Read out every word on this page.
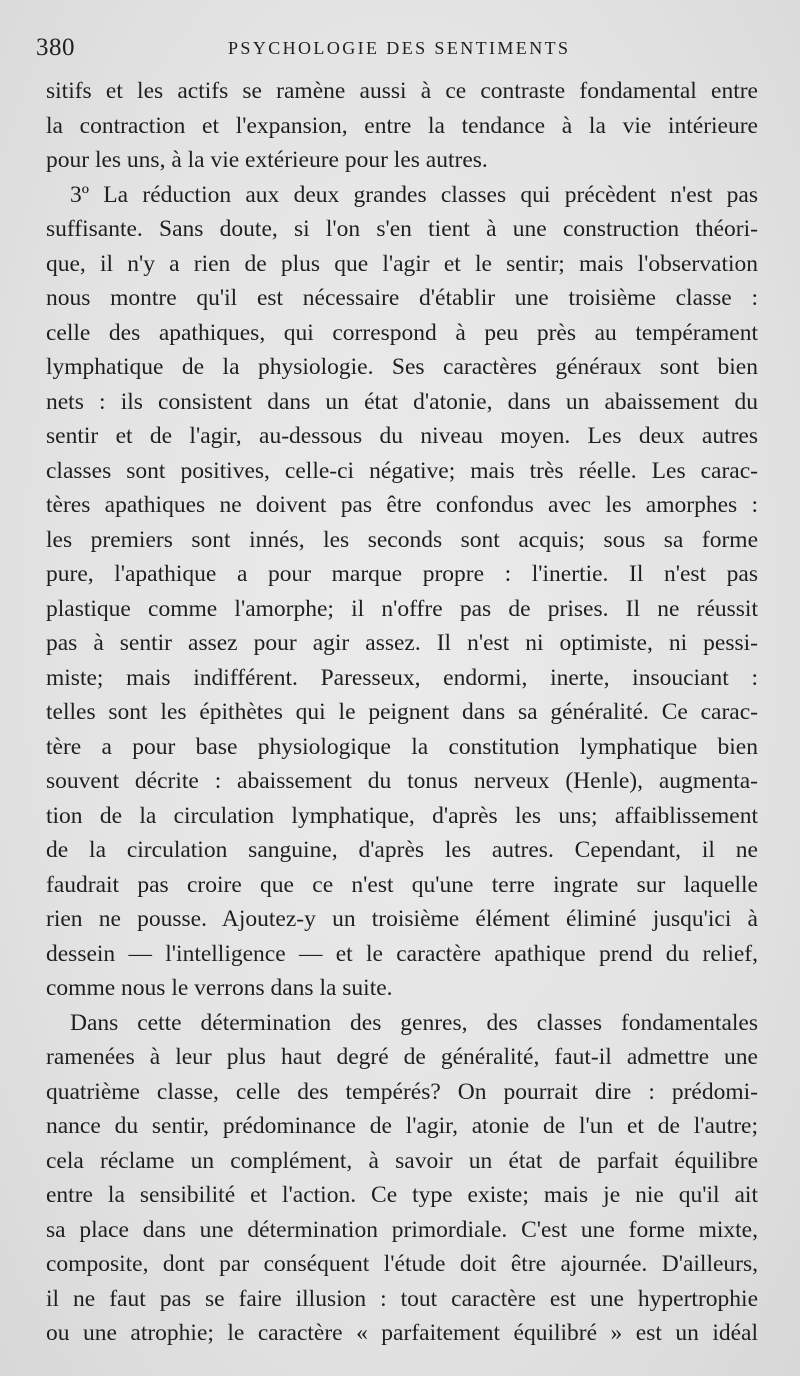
380	PSYCHOLOGIE DES SENTIMENTS
sitifs et les actifs se ramène aussi à ce contraste fondamental entre
la contraction et l'expansion, entre la tendance à la vie intérieure
pour les uns, à la vie extérieure pour les autres.
3º La réduction aux deux grandes classes qui précèdent n'est pas
suffisante. Sans doute, si l'on s'en tient à une construction théori-
que, il n'y a rien de plus que l'agir et le sentir; mais l'observation
nous montre qu'il est nécessaire d'établir une troisième classe :
celle des apathiques, qui correspond à peu près au tempérament
lymphatique de la physiologie. Ses caractères généraux sont bien
nets : ils consistent dans un état d'atonie, dans un abaissement du
sentir et de l'agir, au-dessous du niveau moyen. Les deux autres
classes sont positives, celle-ci négative; mais très réelle. Les carac-
tères apathiques ne doivent pas être confondus avec les amorphes :
les premiers sont innés, les seconds sont acquis; sous sa forme
pure, l'apathique a pour marque propre : l'inertie. Il n'est pas
plastique comme l'amorphe; il n'offre pas de prises. Il ne réussit
pas à sentir assez pour agir assez. Il n'est ni optimiste, ni pessi-
miste; mais indifférent. Paresseux, endormi, inerte, insouciant :
telles sont les épithètes qui le peignent dans sa généralité. Ce carac-
tère a pour base physiologique la constitution lymphatique bien
souvent décrite : abaissement du tonus nerveux (Henle), augmenta-
tion de la circulation lymphatique, d'après les uns; affaiblissement
de la circulation sanguine, d'après les autres. Cependant, il ne
faudrait pas croire que ce n'est qu'une terre ingrate sur laquelle
rien ne pousse. Ajoutez-y un troisième élément éliminé jusqu'ici à
dessein — l'intelligence — et le caractère apathique prend du relief,
comme nous le verrons dans la suite.
Dans cette détermination des genres, des classes fondamentales
ramenées à leur plus haut degré de généralité, faut-il admettre une
quatrième classe, celle des tempérés? On pourrait dire : prédomi-
nance du sentir, prédominance de l'agir, atonie de l'un et de l'autre;
cela réclame un complément, à savoir un état de parfait équilibre
entre la sensibilité et l'action. Ce type existe; mais je nie qu'il ait
sa place dans une détermination primordiale. C'est une forme mixte,
composite, dont par conséquent l'étude doit être ajournée. D'ailleurs,
il ne faut pas se faire illusion : tout caractère est une hypertrophie
ou une atrophie; le caractère « parfaitement équilibré » est un idéal
